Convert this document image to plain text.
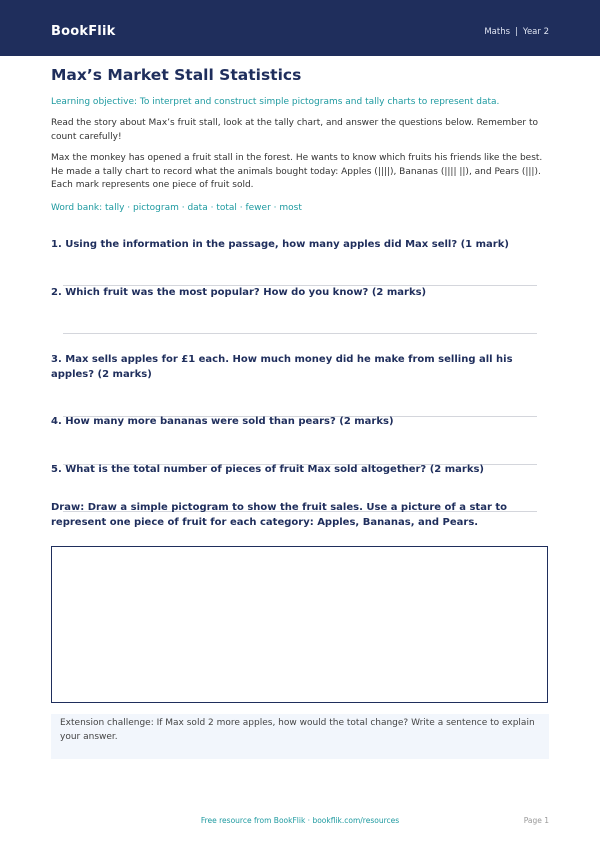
BookFlik	Maths | Year 2
Max’s Market Stall Statistics
Learning objective: To interpret and construct simple pictograms and tally charts to represent data.
Read the story about Max’s fruit stall, look at the tally chart, and answer the questions below. Remember to count carefully!
Max the monkey has opened a fruit stall in the forest. He wants to know which fruits his friends like the best. He made a tally chart to record what the animals bought today: Apples (||||), Bananas (|||| ||), and Pears (|||). Each mark represents one piece of fruit sold.
Word bank: tally · pictogram · data · total · fewer · most
1. Using the information in the passage, how many apples did Max sell? (1 mark)
2. Which fruit was the most popular? How do you know? (2 marks)
3. Max sells apples for £1 each. How much money did he make from selling all his apples? (2 marks)
4. How many more bananas were sold than pears? (2 marks)
5. What is the total number of pieces of fruit Max sold altogether? (2 marks)
Draw: Draw a simple pictogram to show the fruit sales. Use a picture of a star to represent one piece of fruit for each category: Apples, Bananas, and Pears.
Extension challenge: If Max sold 2 more apples, how would the total change? Write a sentence to explain your answer.
Free resource from BookFlik · bookflik.com/resources	Page 1
